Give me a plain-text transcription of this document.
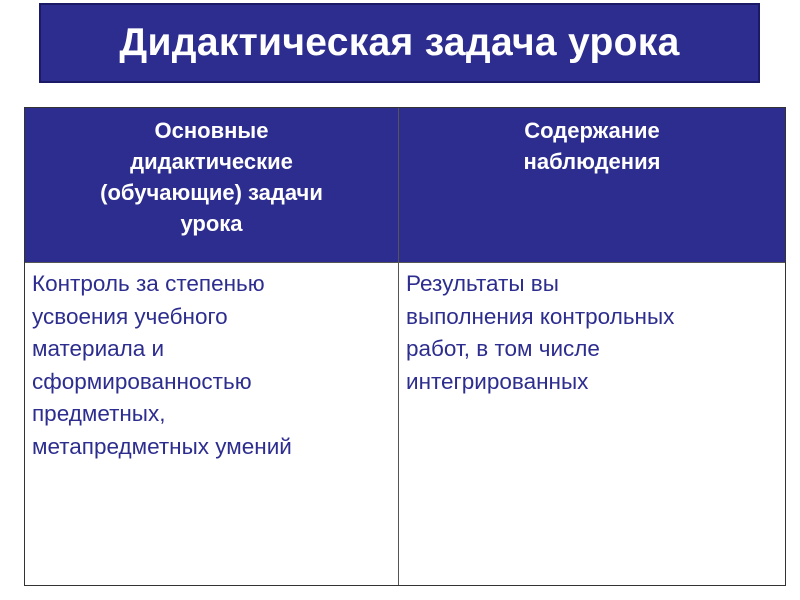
Дидактическая задача урока
Основные
дидактические
(обучающие) задачи
урока
Содержание
наблюдения
Контроль за степенью
усвоения учебного
материала и
сформированностью
предметных,
метапредметных умений
Результаты вы
выполнения контрольных
работ, в том числе
интегрированных
